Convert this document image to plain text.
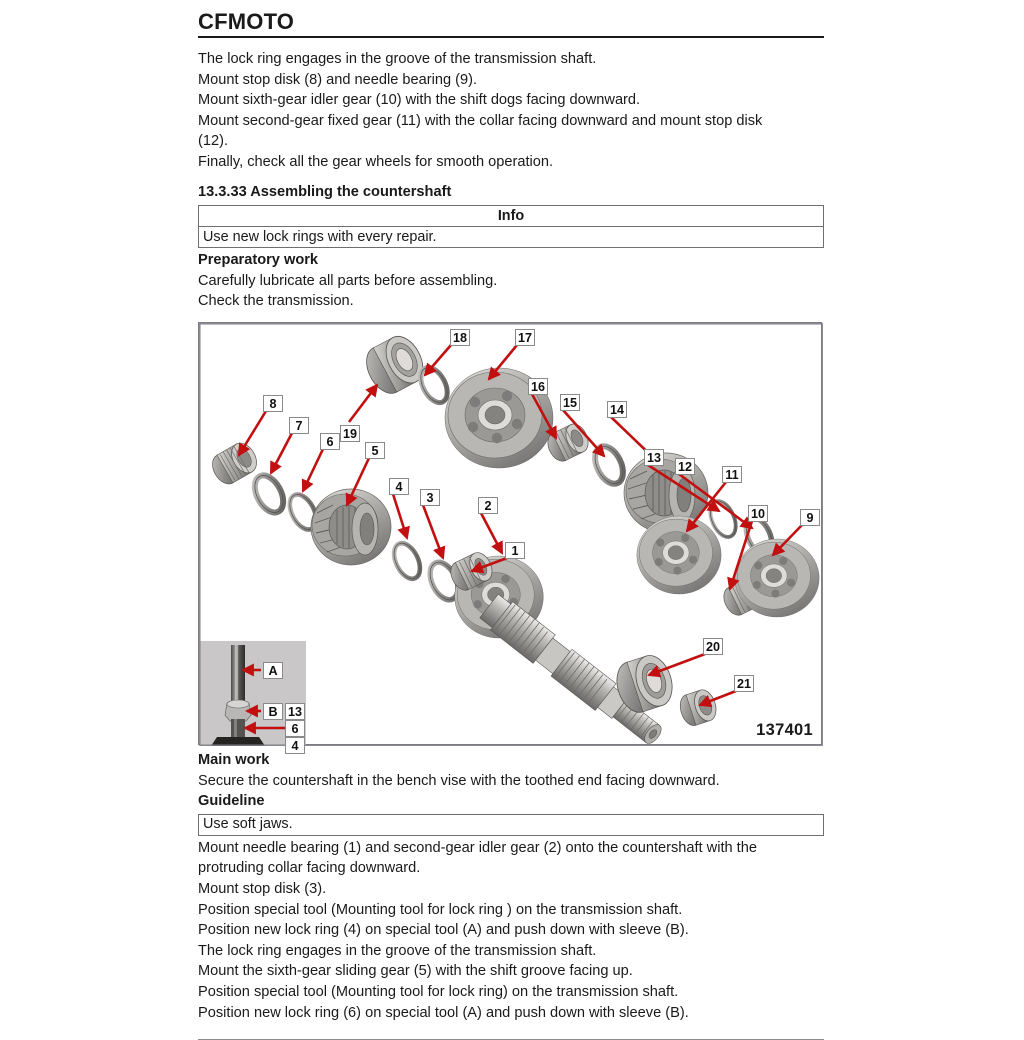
CFMOTO

The lock ring engages in the groove of the transmission shaft.

Mount stop disk (8) and needle bearing (9).

Mount sixth-gear idler gear (10) with the shift dogs facing downward.

Mount second-gear fixed gear (11) with the collar facing downward and mount stop disk

(12).

Finally, check all the gear wheels for smooth operation.

13.3.33 Assembling the countershaft
Info
Use new lock rings with every repair.
Preparatory work

Carefully lubricate all parts before assembling.

Check the transmission.

18	17
16
15	14
13
12
11
10	9
8
7
6
19
5
4
3
2
1
20
21
A
B 13
6
4
137401
Main work

Secure the countershaft in the bench vise with the toothed end facing downward.

Guideline
Use soft jaws.

Mount needle bearing (1) and second-gear idler gear (2) onto the countershaft with the

protruding collar facing downward.

Mount stop disk (3).

Position special tool (Mounting tool for lock ring ) on the transmission shaft.

Position new lock ring (4) on special tool (A) and push down with sleeve (B).

The lock ring engages in the groove of the transmission shaft.

Mount the sixth-gear sliding gear (5) with the shift groove facing up.

Position special tool (Mounting tool for lock ring) on the transmission shaft.

Position new lock ring (6) on special tool (A) and push down with sleeve (B).
